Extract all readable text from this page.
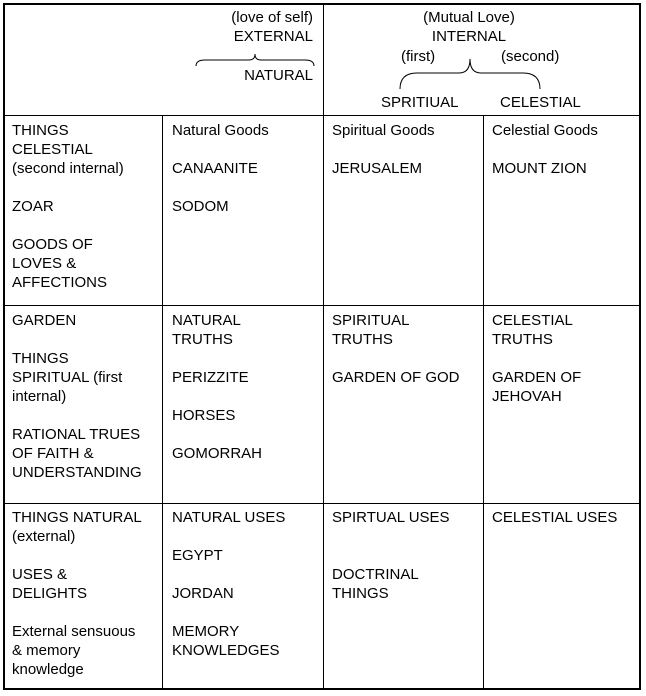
(love of self)
EXTERNAL
NATURAL
(Mutual Love)
INTERNAL
(first)	(second)
SPRITIUAL	CELESTIAL
THINGS
CELESTIAL
(second internal)

ZOAR

GOODS OF
LOVES &
AFFECTIONS
Natural Goods

CANAANITE

SODOM
Spiritual Goods

JERUSALEM
Celestial Goods

MOUNT ZION
GARDEN

THINGS
SPIRITUAL (first
internal)

RATIONAL TRUES
OF FAITH &
UNDERSTANDING
NATURAL
TRUTHS

PERIZZITE

HORSES

GOMORRAH
SPIRITUAL
TRUTHS

GARDEN OF GOD
CELESTIAL
TRUTHS

GARDEN OF
JEHOVAH
THINGS NATURAL
(external)

USES &
DELIGHTS

External sensuous
& memory
knowledge
NATURAL USES

EGYPT

JORDAN

MEMORY
KNOWLEDGES
SPIRTUAL USES

DOCTRINAL
THINGS
CELESTIAL USES
